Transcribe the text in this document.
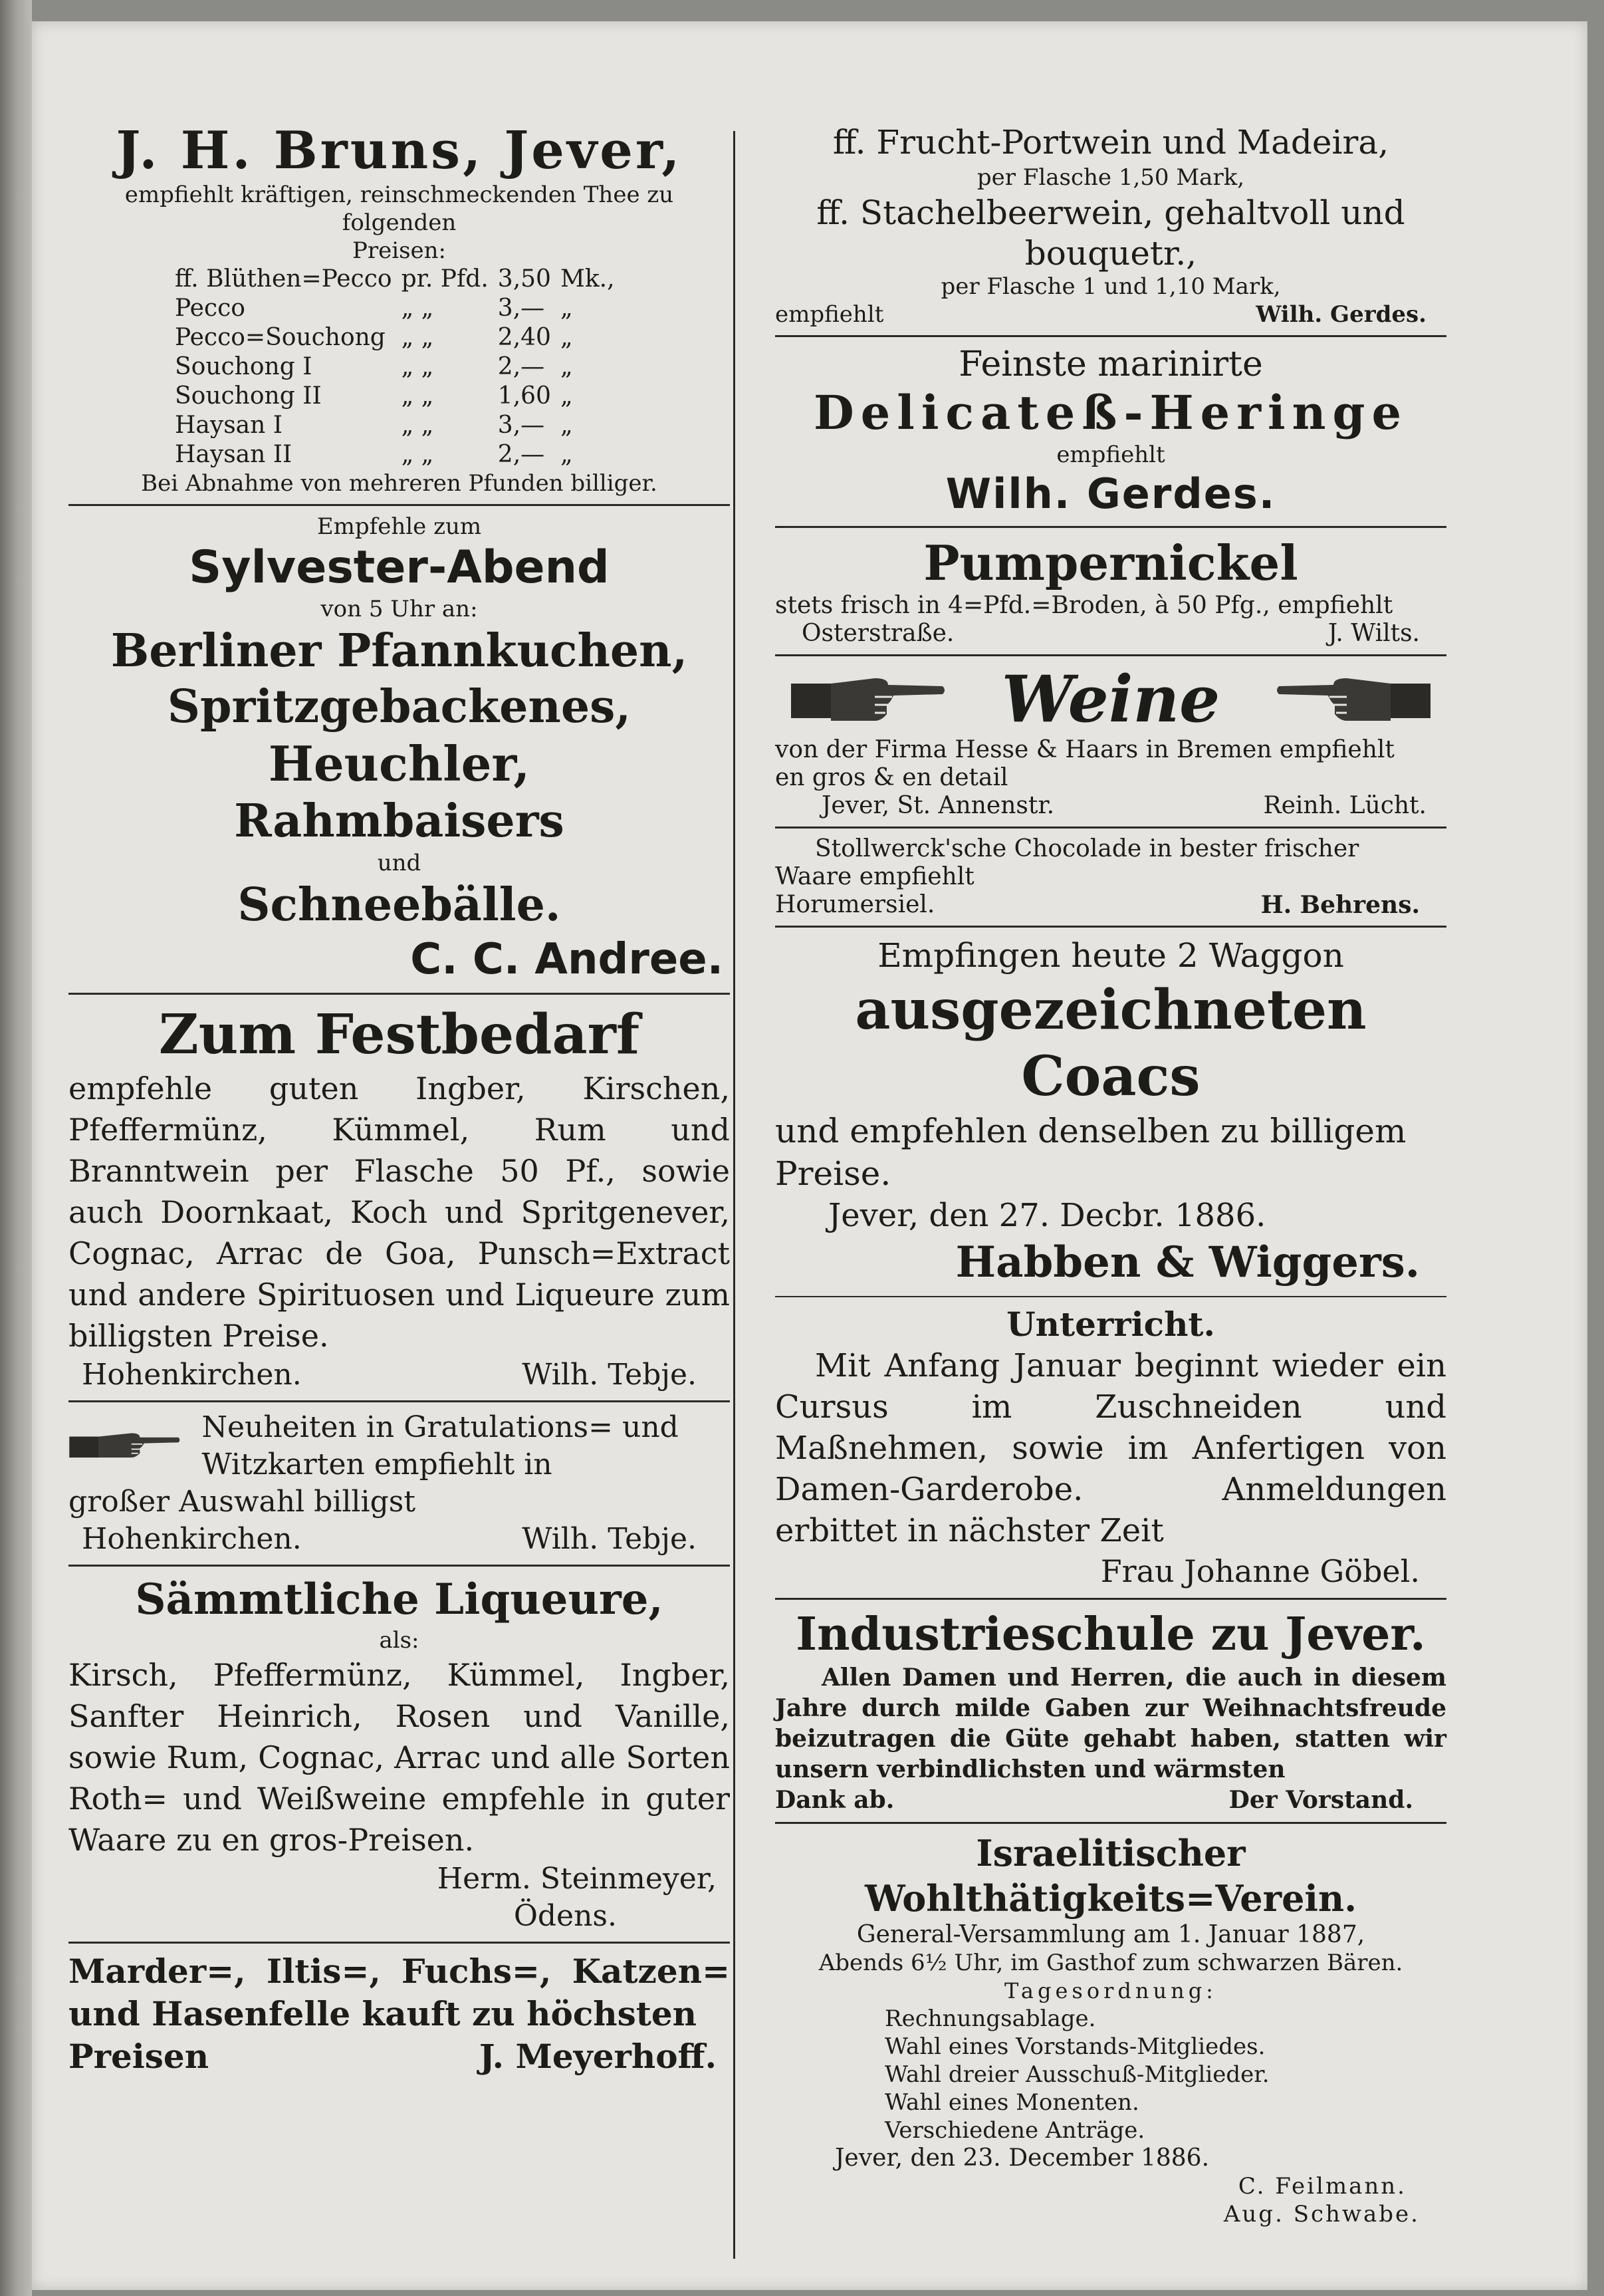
J. H. Bruns, Jever,
empfiehlt kräftigen, reinschmeckenden Thee zu folgenden
Preisen:
ff. Blüthen=Pecco	pr. Pfd.	3,50	Mk.,
Pecco	„ „	3,—	„
Pecco=Souchong	„ „	2,40	„
Souchong I	„ „	2,—	„
Souchong II	„ „	1,60	„
Haysan I	„ „	3,—	„
Haysan II	„ „	2,—	„
Bei Abnahme von mehreren Pfunden billiger.
Empfehle zum
Sylvester-Abend
von 5 Uhr an:
Berliner Pfannkuchen,
Spritzgebackenes,
Heuchler,
Rahmbaisers
und
Schneebälle.
C. C. Andree.
Zum Festbedarf
empfehle guten Ingber, Kirschen, Pfeffermünz, Kümmel, Rum und Branntwein per Flasche 50 Pf., sowie auch Doornkaat, Koch und Spritgenever, Cognac, Arrac de Goa, Punsch=Extract und andere Spirituosen und Liqueure zum billigsten Preise.
Hohenkirchen.	Wilh. Tebje.
Neuheiten in Gratulations= und Witzkarten empfiehlt in
großer Auswahl billigst
Hohenkirchen.	Wilh. Tebje.
Sämmtliche Liqueure,
als:
Kirsch, Pfeffermünz, Kümmel, Ingber, Sanfter Heinrich, Rosen und Vanille, sowie Rum, Cognac, Arrac und alle Sorten Roth= und Weißweine empfehle in guter Waare zu en gros-Preisen.
Herm. Steinmeyer,
Ödens.
Marder=, Iltis=, Fuchs=, Katzen= und Hasenfelle kauft zu höchsten
Preisen	J. Meyerhoff.
ff. Frucht-Portwein und Madeira,
per Flasche 1,50 Mark,
ff. Stachelbeerwein, gehaltvoll und
bouquetr.,
per Flasche 1 und 1,10 Mark,
empfiehlt	Wilh. Gerdes.
Feinste marinirte
Delicateß-Heringe
empfiehlt
Wilh. Gerdes.
Pumpernickel
stets frisch in 4=Pfd.=Broden, à 50 Pfg., empfiehlt
Osterstraße.	J. Wilts.
Weine
von der Firma Hesse & Haars in Bremen empfiehlt
en gros & en detail
Jever, St. Annenstr.	Reinh. Lücht.
Stollwerck'sche Chocolade in bester frischer
Waare empfiehlt
Horumersiel.	H. Behrens.
Empfingen heute 2 Waggon
ausgezeichneten Coacs
und empfehlen denselben zu billigem
Preise.
Jever, den 27. Decbr. 1886.
Habben & Wiggers.
Unterricht.
Mit Anfang Januar beginnt wieder ein Cursus im Zuschneiden und Maßnehmen, sowie im Anfertigen von Damen-Garderobe. Anmeldungen erbittet in nächster Zeit
Frau Johanne Göbel.
Industrieschule zu Jever.
Allen Damen und Herren, die auch in diesem Jahre durch milde Gaben zur Weihnachtsfreude beizutragen die Güte gehabt haben, statten wir unsern verbindlichsten und wärmsten
Dank ab.	Der Vorstand.
Israelitischer Wohlthätigkeits=Verein.
General-Versammlung am 1. Januar 1887,
Abends 6½ Uhr, im Gasthof zum schwarzen Bären.
Tagesordnung:
Rechnungsablage.
Wahl eines Vorstands-Mitgliedes.
Wahl dreier Ausschuß-Mitglieder.
Wahl eines Monenten.
Verschiedene Anträge.
Jever, den 23. December 1886.
C. Feilmann.
Aug. Schwabe.
